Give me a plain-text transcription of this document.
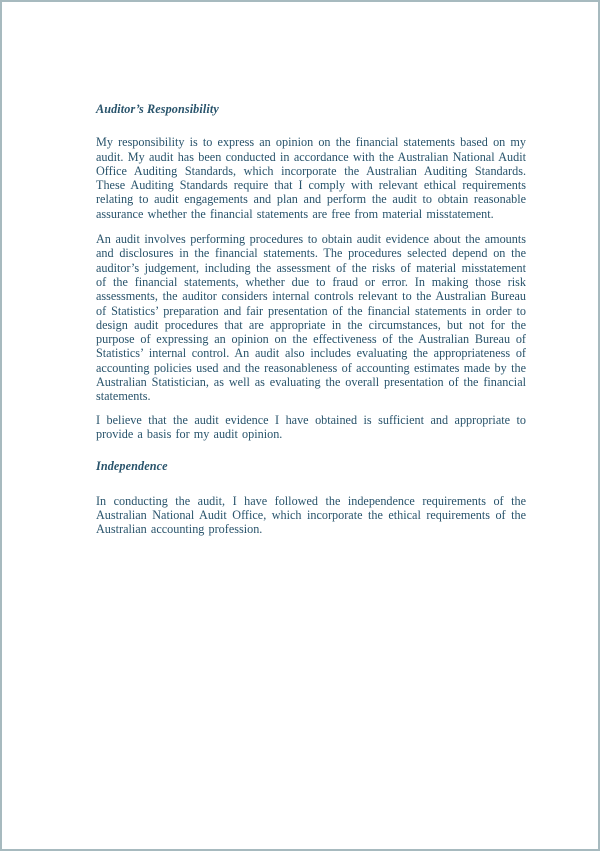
Auditor’s Responsibility

My responsibility is to express an opinion on the financial statements based on my audit. My audit has been conducted in accordance with the Australian National Audit Office Auditing Standards, which incorporate the Australian Auditing Standards. These Auditing Standards require that I comply with relevant ethical requirements relating to audit engagements and plan and perform the audit to obtain reasonable assurance whether the financial statements are free from material misstatement.

An audit involves performing procedures to obtain audit evidence about the amounts and disclosures in the financial statements. The procedures selected depend on the auditor’s judgement, including the assessment of the risks of material misstatement of the financial statements, whether due to fraud or error. In making those risk assessments, the auditor considers internal controls relevant to the Australian Bureau of Statistics’ preparation and fair presentation of the financial statements in order to design audit procedures that are appropriate in the circumstances, but not for the purpose of expressing an opinion on the effectiveness of the Australian Bureau of Statistics’ internal control. An audit also includes evaluating the appropriateness of accounting policies used and the reasonableness of accounting estimates made by the Australian Statistician, as well as evaluating the overall presentation of the financial statements.

I believe that the audit evidence I have obtained is sufficient and appropriate to provide a basis for my audit opinion.

Independence

In conducting the audit, I have followed the independence requirements of the Australian National Audit Office, which incorporate the ethical requirements of the Australian accounting profession.
